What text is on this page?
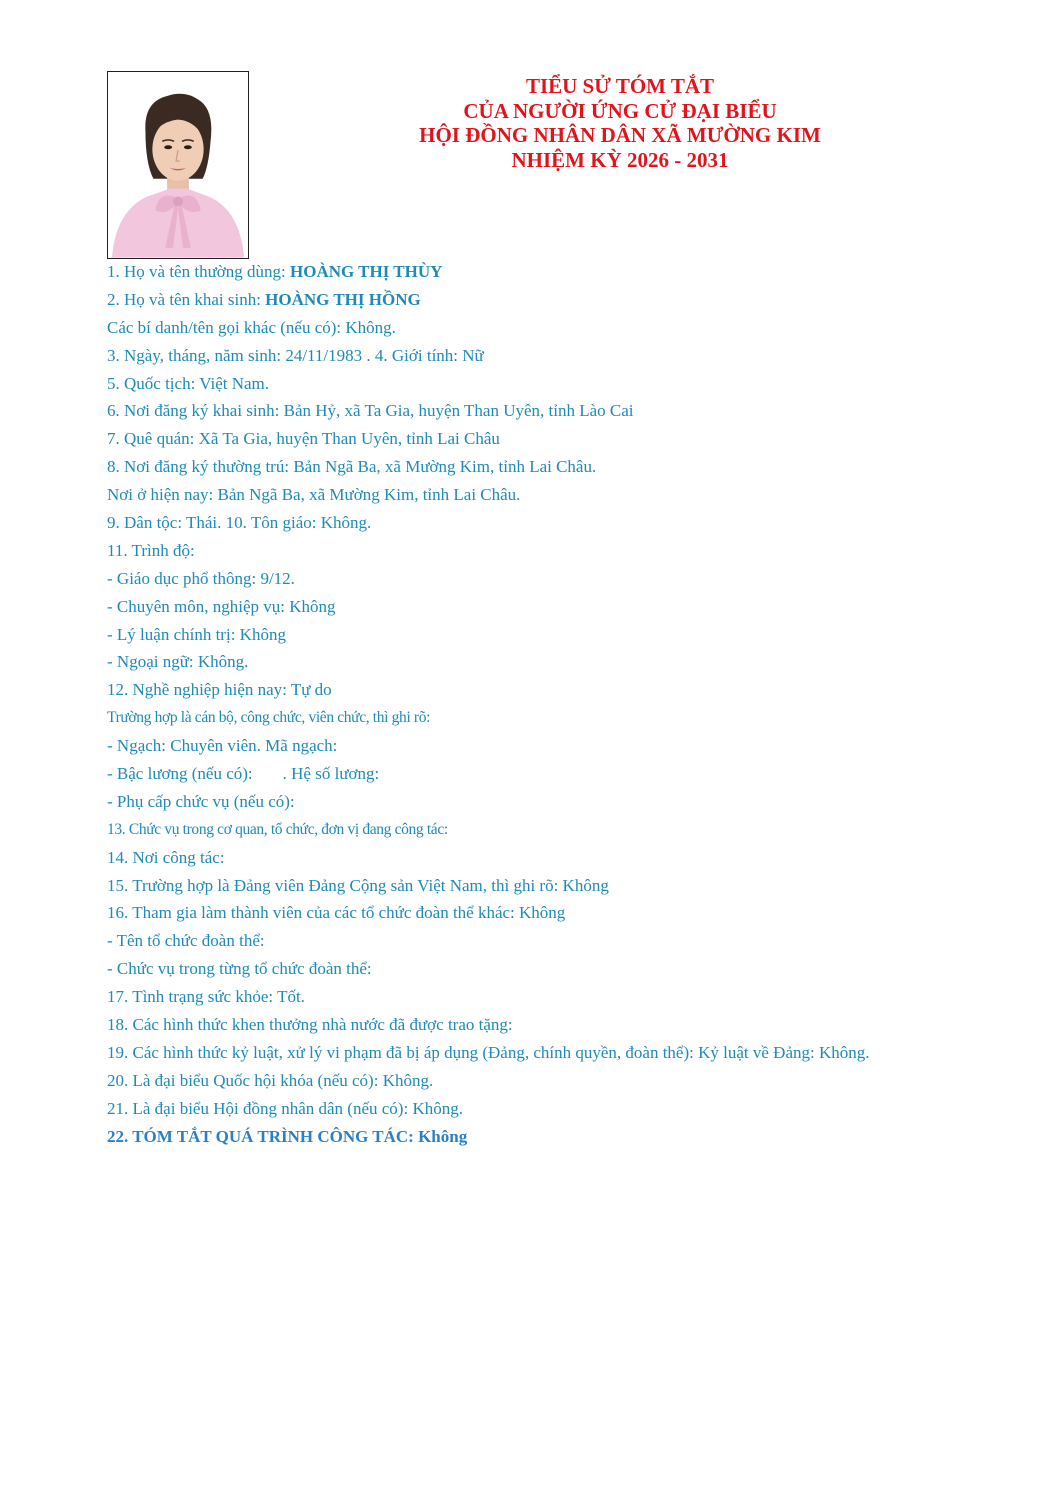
TIỂU SỬ TÓM TẮT
CỦA NGƯỜI ỨNG CỬ ĐẠI BIỂU
HỘI ĐỒNG NHÂN DÂN XÃ MƯỜNG KIM
NHIỆM KỲ 2026 - 2031
1. Họ và tên thường dùng: HOÀNG THỊ THÙY
2. Họ và tên khai sinh: HOÀNG THỊ HỒNG
Các bí danh/tên gọi khác (nếu có): Không.
3. Ngày, tháng, năm sinh: 24/11/1983 . 4. Giới tính: Nữ
5. Quốc tịch: Việt Nam.
6. Nơi đăng ký khai sinh: Bản Hỷ, xã Ta Gia, huyện Than Uyên, tỉnh Lào Cai
7. Quê quán: Xã Ta Gia, huyện Than Uyên, tỉnh Lai Châu
8. Nơi đăng ký thường trú: Bản Ngã Ba, xã Mường Kim, tỉnh Lai Châu.
Nơi ở hiện nay: Bản Ngã Ba, xã Mường Kim, tỉnh Lai Châu.
9. Dân tộc: Thái. 10. Tôn giáo: Không.
11. Trình độ:
- Giáo dục phổ thông: 9/12.
- Chuyên môn, nghiệp vụ: Không
- Lý luận chính trị: Không
- Ngoại ngữ: Không.
12. Nghề nghiệp hiện nay: Tự do
Trường hợp là cán bộ, công chức, viên chức, thì ghi rõ:
- Ngạch: Chuyên viên. Mã ngạch:
- Bậc lương (nếu có): . Hệ số lương:
- Phụ cấp chức vụ (nếu có):
13. Chức vụ trong cơ quan, tổ chức, đơn vị đang công tác:
14. Nơi công tác:
15. Trường hợp là Đảng viên Đảng Cộng sản Việt Nam, thì ghi rõ: Không
16. Tham gia làm thành viên của các tổ chức đoàn thể khác: Không
- Tên tổ chức đoàn thể:
- Chức vụ trong từng tổ chức đoàn thể:
17. Tình trạng sức khỏe: Tốt.
18. Các hình thức khen thưởng nhà nước đã được trao tặng:
19. Các hình thức kỷ luật, xử lý vi phạm đã bị áp dụng (Đảng, chính quyền, đoàn thể): Kỷ luật về Đảng: Không.
20. Là đại biểu Quốc hội khóa (nếu có): Không.
21. Là đại biểu Hội đồng nhân dân (nếu có): Không.
22. TÓM TẮT QUÁ TRÌNH CÔNG TÁC: Không
